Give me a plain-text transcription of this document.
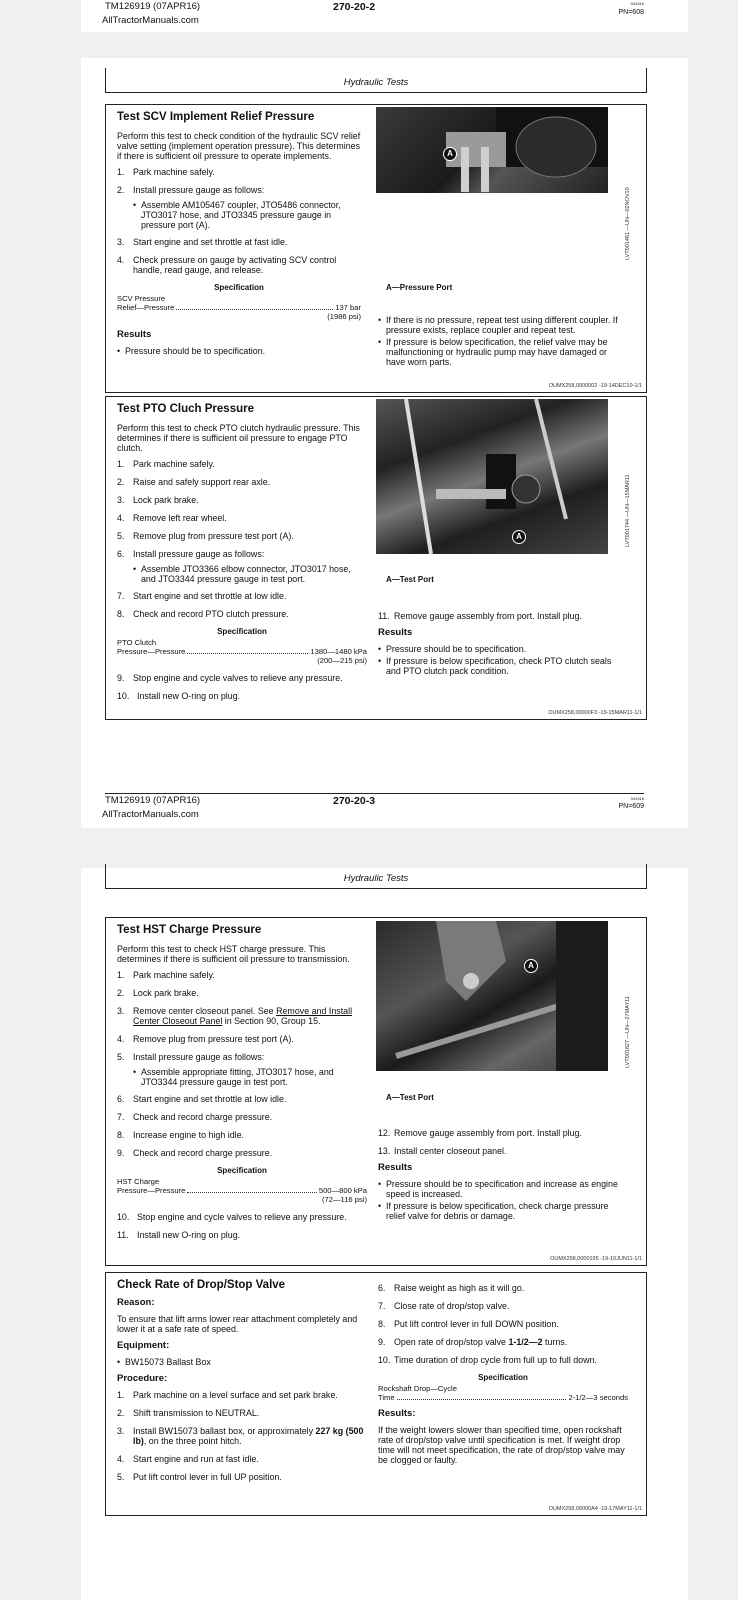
TM126919 (07APR16)
AllTractorManuals.com
270-20-2	041916
PN=608
Hydraulic Tests
Test SCV Implement Relief Pressure
Perform this test to check condition of the hydraulic SCV relief valve setting (implement operation pressure). This determines if there is sufficient oil pressure to operate implements.
1. Park machine safely.
2. Install pressure gauge as follows:
• Assemble AM105467 coupler, JTO5486 connector, JTO3017 hose, and JTO3345 pressure gauge in pressure port (A).
3. Start engine and set throttle at fast idle.
4. Check pressure on gauge by activating SCV control handle, read gauge, and release.
Specification
SCV Pressure
Relief—Pressure	137 bar
(1986 psi)
Results
• Pressure should be to specification.
A
LVT001461 —UN—02NOV10
A—Pressure Port
• If there is no pressure, repeat test using different coupler. If pressure exists, replace coupler and repeat test.
• If pressure is below specification, the relief valve may be malfunctioning or hydraulic pump may have damaged or have worn parts.
OUMX258,0000002 -19-14DEC10-1/1
Test PTO Cluch Pressure
Perform this test to check PTO clutch hydraulic pressure. This determines if there is sufficient oil pressure to engage PTO clutch.
1. Park machine safely.
2. Raise and safely support rear axle.
3. Lock park brake.
4. Remove left rear wheel.
5. Remove plug from pressure test port (A).
6. Install pressure gauge as follows:
• Assemble JTO3366 elbow connector, JTO3017 hose, and JTO3344 pressure gauge in test port.
7. Start engine and set throttle at low idle.
8. Check and record PTO clutch pressure.
Specification
PTO Clutch
Pressure—Pressure	1380—1480 kPa
(200—215 psi)
9. Stop engine and cycle valves to relieve any pressure.
10. Install new O-ring on plug.
A	LVT001744 —UN—15MAR11
A—Test Port
11. Remove gauge assembly from port. Install plug.
Results
• Pressure should be to specification.
• If pressure is below specification, check PTO clutch seals and PTO clutch pack condition.
OUMX258,00000F3 -19-15MAR11-1/1
TM126919 (07APR16)
AllTractorManuals.com
270-20-3	041916
PN=609
Hydraulic Tests
Test HST Charge Pressure
Perform this test to check HST charge pressure. This determines if there is sufficient oil pressure to transmission.
1. Park machine safely.
2. Lock park brake.
3. Remove center closeout panel. See Remove and Install Center Closeout Panel in Section 90, Group 15.
4. Remove plug from pressure test port (A).
5. Install pressure gauge as follows:
• Assemble appropriate fitting, JTO3017 hose, and JTO3344 pressure gauge in test port.
6. Start engine and set throttle at low idle.
7. Check and record charge pressure.
8. Increase engine to high idle.
9. Check and record charge pressure.
Specification
HST Charge
Pressure—Pressure	500—800 kPa
(72—116 psi)
10. Stop engine and cycle valves to relieve any pressure.
11. Install new O-ring on plug.
A
LVT001827 —UN—27MAY11
A—Test Port
12. Remove gauge assembly from port. Install plug.
13. Install center closeout panel.
Results
• Pressure should be to specification and increase as engine speed is increased.
• If pressure is below specification, check charge pressure relief valve for debris or damage.
OUMX258,0000195 -19-10JUN11-1/1
Check Rate of Drop/Stop Valve
Reason:
To ensure that lift arms lower rear attachment completely and lower it at a safe rate of speed.
Equipment:
• BW15073 Ballast Box
Procedure:
1. Park machine on a level surface and set park brake.
2. Shift transmission to NEUTRAL.
3. Install BW15073 ballast box, or approximately 227 kg (500 lb), on the three point hitch.
4. Start engine and run at fast idle.
5. Put lift control lever in full UP position.
6. Raise weight as high as it will go.
7. Close rate of drop/stop valve.
8. Put lift control lever in full DOWN position.
9. Open rate of drop/stop valve 1-1/2—2 turns.
10. Time duration of drop cycle from full up to full down.
Specification
Rockshaft Drop—Cycle
Time	2-1/2—3 seconds
Results:
If the weight lowers slower than specified time, open rockshaft rate of drop/stop valve until specification is met. If weight drop time will not meet specification, the rate of drop/stop valve may be clogged or faulty.
OUMX258,00000A4 -19-17MAY11-1/1
